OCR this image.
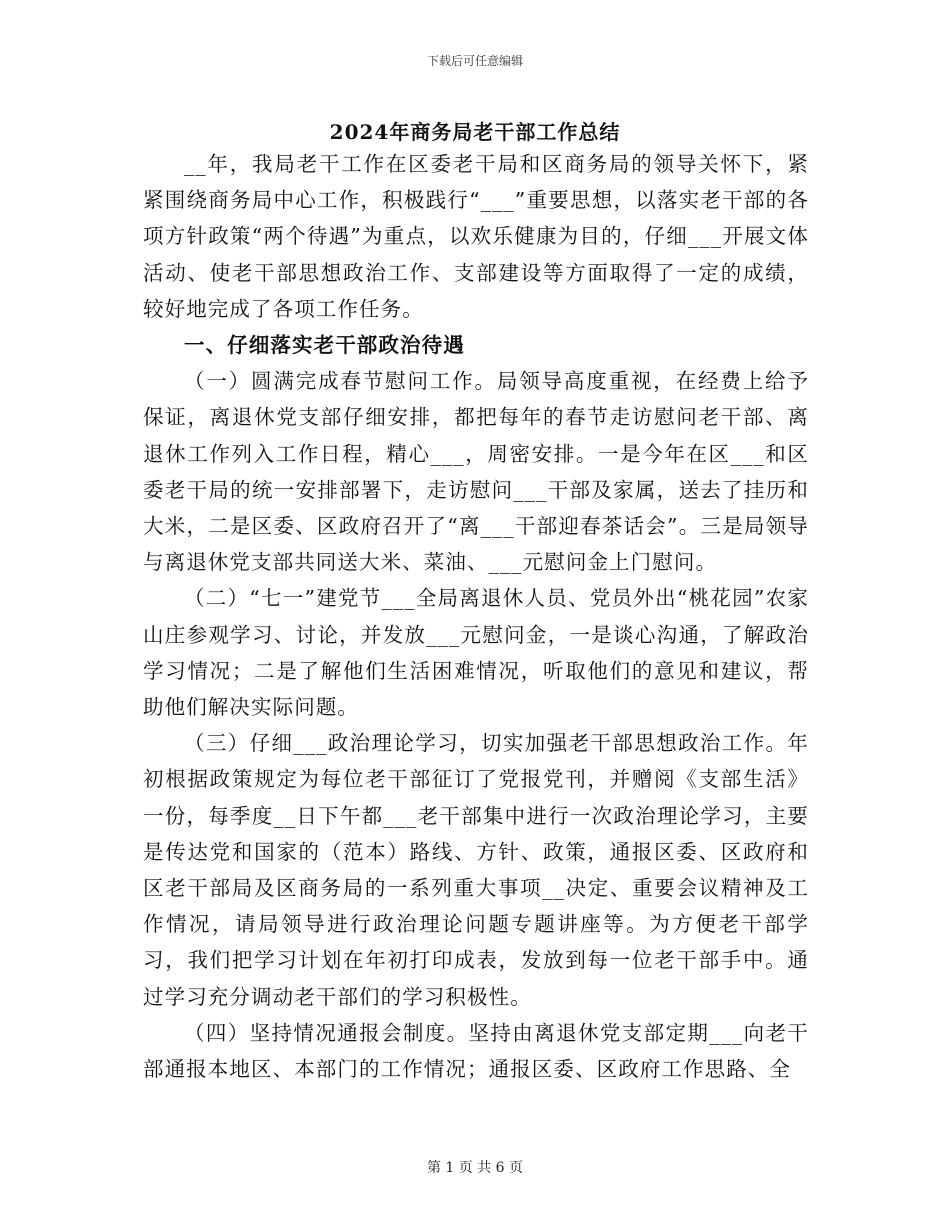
下载后可任意编辑
2024年商务局老干部工作总结

__年，我局老干工作在区委老干局和区商务局的领导关怀下，紧紧围绕商务局中心工作，积极践行“___”重要思想，以落实老干部的各项方针政策“两个待遇”为重点，以欢乐健康为目的，仔细___开展文体活动、使老干部思想政治工作、支部建设等方面取得了一定的成绩，较好地完成了各项工作任务。

一、仔细落实老干部政治待遇

（一）圆满完成春节慰问工作。局领导高度重视，在经费上给予保证，离退休党支部仔细安排，都把每年的春节走访慰问老干部、离退休工作列入工作日程，精心___，周密安排。一是今年在区___和区委老干局的统一安排部署下，走访慰问___干部及家属，送去了挂历和大米，二是区委、区政府召开了“离___干部迎春茶话会”。三是局领导与离退休党支部共同送大米、菜油、___元慰问金上门慰问。

（二）“七一”建党节___全局离退休人员、党员外出“桃花园”农家山庄参观学习、讨论，并发放___元慰问金，一是谈心沟通，了解政治学习情况；二是了解他们生活困难情况，听取他们的意见和建议，帮助他们解决实际问题。

（三）仔细___政治理论学习，切实加强老干部思想政治工作。年初根据政策规定为每位老干部征订了党报党刊，并赠阅《支部生活》一份，每季度__日下午都___老干部集中进行一次政治理论学习，主要是传达党和国家的（范本）路线、方针、政策，通报区委、区政府和区老干部局及区商务局的一系列重大事项__决定、重要会议精神及工作情况，请局领导进行政治理论问题专题讲座等。为方便老干部学习，我们把学习计划在年初打印成表，发放到每一位老干部手中。通过学习充分调动老干部们的学习积极性。

（四）坚持情况通报会制度。坚持由离退休党支部定期___向老干部通报本地区、本部门的工作情况；通报区委、区政府工作思路、全

第 1 页 共 6 页
